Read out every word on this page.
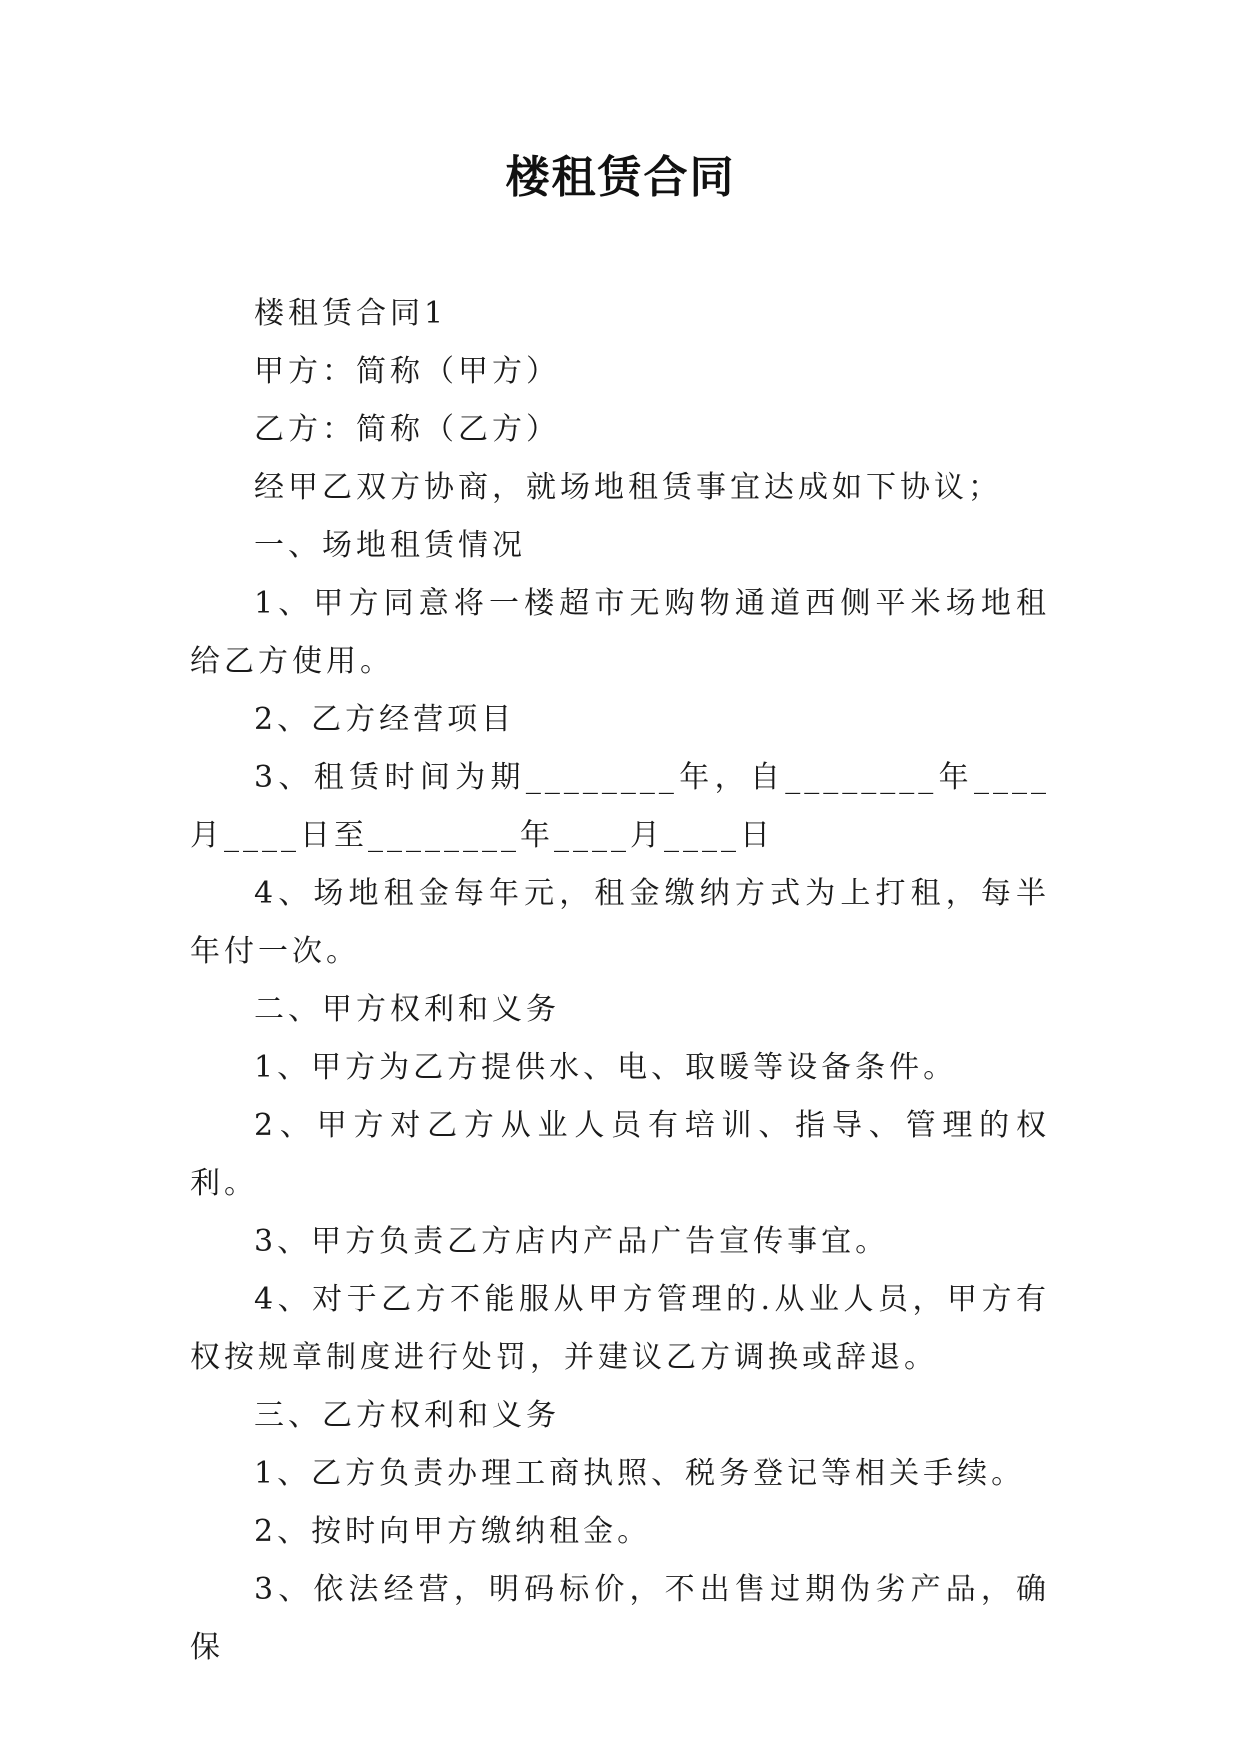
楼租赁合同

楼租赁合同1

甲方：简称（甲方）

乙方：简称（乙方）

经甲乙双方协商，就场地租赁事宜达成如下协议；

一、场地租赁情况

1、甲方同意将一楼超市无购物通道西侧平米场地租给乙方使用。

2、乙方经营项目

3、租赁时间为期________年，自________年____月____日至________年____月____日

4、场地租金每年元，租金缴纳方式为上打租，每半年付一次。

二、甲方权利和义务

1、甲方为乙方提供水、电、取暖等设备条件。

2、甲方对乙方从业人员有培训、指导、管理的权利。

3、甲方负责乙方店内产品广告宣传事宜。

4、对于乙方不能服从甲方管理的.从业人员，甲方有权按规章制度进行处罚，并建议乙方调换或辞退。

三、乙方权利和义务

1、乙方负责办理工商执照、税务登记等相关手续。

2、按时向甲方缴纳租金。

3、依法经营，明码标价，不出售过期伪劣产品，确保
